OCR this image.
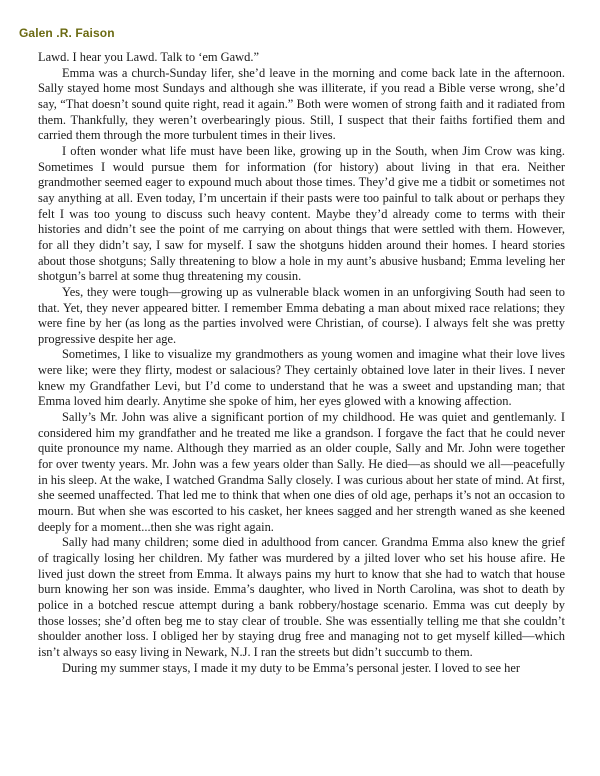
Galen .R. Faison

Lawd. I hear you Lawd. Talk to ‘em Gawd.”

Emma was a church-Sunday lifer, she’d leave in the morning and come back late in the afternoon. Sally stayed home most Sundays and although she was illiterate, if you read a Bible verse wrong, she’d say, “That doesn’t sound quite right, read it again.” Both were women of strong faith and it radiated from them. Thankfully, they weren’t overbearingly pious. Still, I suspect that their faiths fortified them and carried them through the more turbulent times in their lives.

I often wonder what life must have been like, growing up in the South, when Jim Crow was king. Sometimes I would pursue them for information (for history) about living in that era. Neither grandmother seemed eager to expound much about those times. They’d give me a tidbit or sometimes not say anything at all. Even today, I’m uncertain if their pasts were too painful to talk about or perhaps they felt I was too young to discuss such heavy content. Maybe they’d already come to terms with their histories and didn’t see the point of me carrying on about things that were settled with them. However, for all they didn’t say, I saw for myself. I saw the shotguns hidden around their homes. I heard stories about those shotguns; Sally threatening to blow a hole in my aunt’s abusive husband; Emma leveling her shotgun’s barrel at some thug threatening my cousin.

Yes, they were tough—growing up as vulnerable black women in an unforgiving South had seen to that. Yet, they never appeared bitter. I remember Emma debating a man about mixed race relations; they were fine by her (as long as the parties involved were Christian, of course). I always felt she was pretty progressive despite her age.

Sometimes, I like to visualize my grandmothers as young women and imagine what their love lives were like; were they flirty, modest or salacious? They certainly obtained love later in their lives. I never knew my Grandfather Levi, but I’d come to understand that he was a sweet and upstanding man; that Emma loved him dearly. Anytime she spoke of him, her eyes glowed with a knowing affection.

Sally’s Mr. John was alive a significant portion of my childhood. He was quiet and gentlemanly. I considered him my grandfather and he treated me like a grandson. I forgave the fact that he could never quite pronounce my name. Although they married as an older couple, Sally and Mr. John were together for over twenty years. Mr. John was a few years older than Sally. He died—as should we all—peacefully in his sleep. At the wake, I watched Grandma Sally closely. I was curious about her state of mind. At first, she seemed unaffected. That led me to think that when one dies of old age, perhaps it’s not an occasion to mourn. But when she was escorted to his casket, her knees sagged and her strength waned as she keened deeply for a moment...then she was right again.

Sally had many children; some died in adulthood from cancer. Grandma Emma also knew the grief of tragically losing her children. My father was murdered by a jilted lover who set his house afire. He lived just down the street from Emma. It always pains my hurt to know that she had to watch that house burn knowing her son was inside. Emma’s daughter, who lived in North Carolina, was shot to death by police in a botched rescue attempt during a bank robbery/hostage scenario. Emma was cut deeply by those losses; she’d often beg me to stay clear of trouble. She was essentially telling me that she couldn’t shoulder another loss. I obliged her by staying drug free and managing not to get myself killed—which isn’t always so easy living in Newark, N.J. I ran the streets but didn’t succumb to them.

During my summer stays, I made it my duty to be Emma’s personal jester. I loved to see her
